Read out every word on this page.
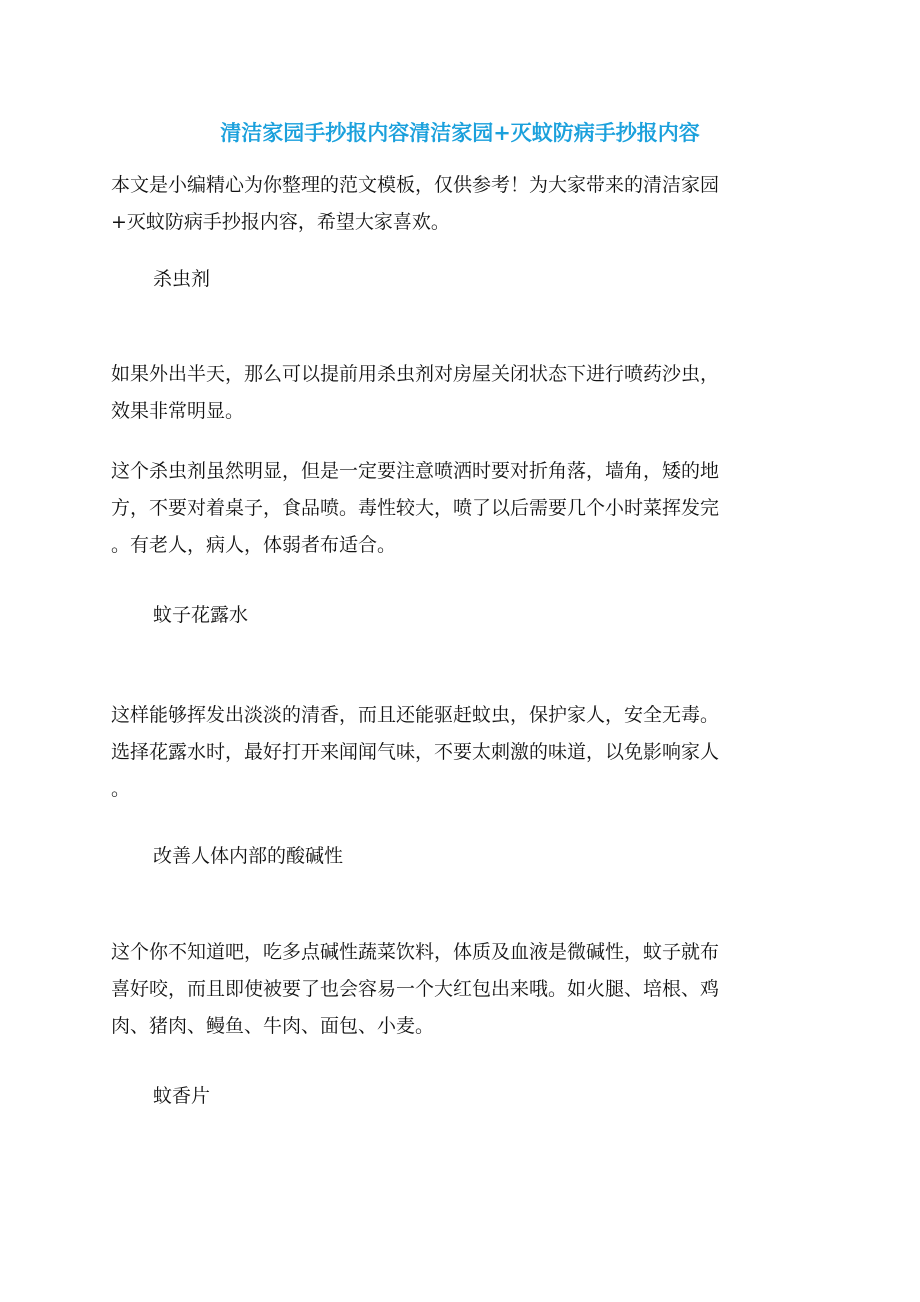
清洁家园手抄报内容清洁家园+灭蚊防病手抄报内容
本文是小编精心为你整理的范文模板，仅供参考！为大家带来的清洁家园
+灭蚊防病手抄报内容，希望大家喜欢。
杀虫剂
如果外出半天，那么可以提前用杀虫剂对房屋关闭状态下进行喷药沙虫，
效果非常明显。
这个杀虫剂虽然明显，但是一定要注意喷洒时要对折角落，墙角，矮的地
方，不要对着桌子，食品喷。毒性较大，喷了以后需要几个小时菜挥发完
。有老人，病人，体弱者布适合。
蚊子花露水
这样能够挥发出淡淡的清香，而且还能驱赶蚊虫，保护家人，安全无毒。
选择花露水时，最好打开来闻闻气味，不要太刺激的味道，以免影响家人
。
改善人体内部的酸碱性
这个你不知道吧，吃多点碱性蔬菜饮料，体质及血液是微碱性，蚊子就布
喜好咬，而且即使被要了也会容易一个大红包出来哦。如火腿、培根、鸡
肉、猪肉、鳗鱼、牛肉、面包、小麦。
蚊香片
